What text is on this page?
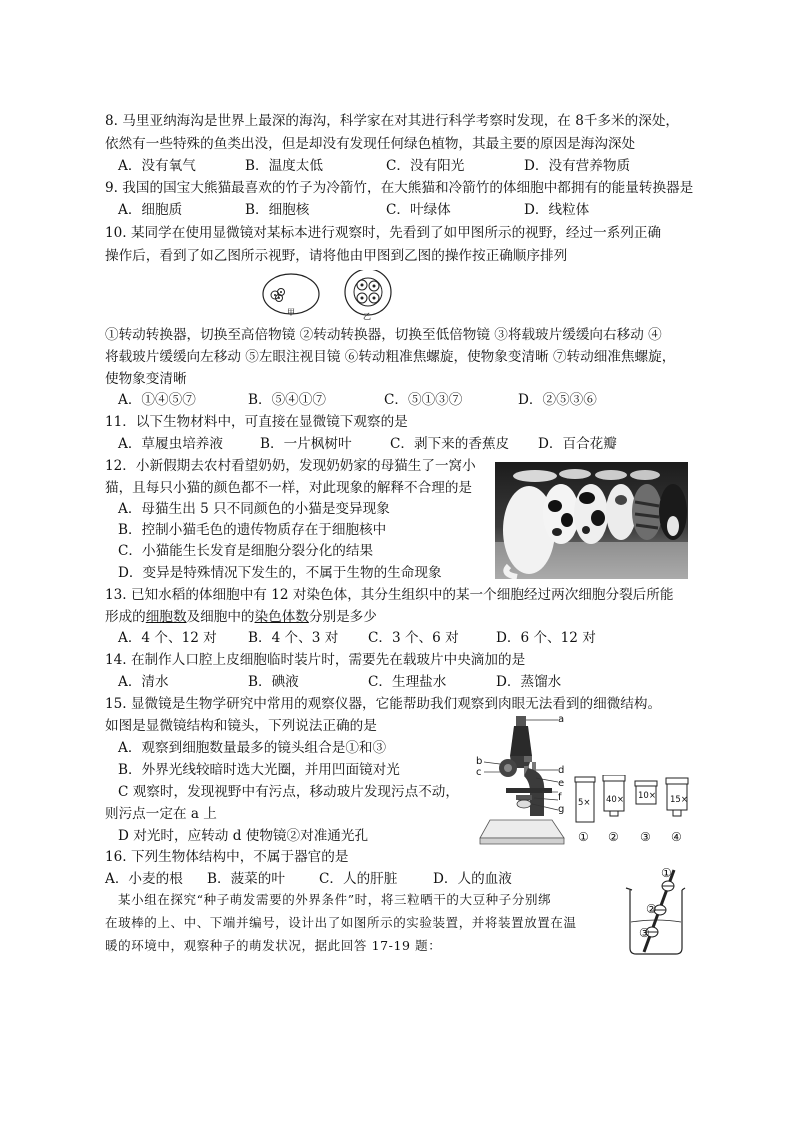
8. 马里亚纳海沟是世界上最深的海沟，科学家在对其进行科学考察时发现，在 8千多米的深处，
依然有一些特殊的鱼类出没，但是却没有发现任何绿色植物，其最主要的原因是海沟深处
A．没有氧气	B．温度太低	C．没有阳光	D．没有营养物质
9. 我国的国宝大熊猫最喜欢的竹子为冷箭竹，在大熊猫和冷箭竹的体细胞中都拥有的能量转换器是
A．细胞质	B．细胞核	C．叶绿体	D．线粒体
10. 某同学在使用显微镜对某标本进行观察时，先看到了如甲图所示的视野，经过一系列正确
操作后，看到了如乙图所示视野，请将他由甲图到乙图的操作按正确顺序排列
甲	乙
①转动转换器，切换至高倍物镜 ②转动转换器，切换至低倍物镜 ③将载玻片缓缓向右移动 ④
将载玻片缓缓向左移动 ⑤左眼注视目镜 ⑥转动粗准焦螺旋，使物象变清晰 ⑦转动细准焦螺旋，
使物象变清晰
A．①④⑤⑦	B．⑤④①⑦	C．⑤①③⑦	D．②⑤③⑥
11．以下生物材料中，可直接在显微镜下观察的是
A．草履虫培养液	B．一片枫树叶	C．剥下来的香蕉皮 D．百合花瓣
12．小新假期去农村看望奶奶，发现奶奶家的母猫生了一窝小
猫，且每只小猫的颜色都不一样，对此现象的解释不合理的是
A．母猫生出 5 只不同颜色的小猫是变异现象
B．控制小猫毛色的遗传物质存在于细胞核中
C．小猫能生长发育是细胞分裂分化的结果
D．变异是特殊情况下发生的，不属于生物的生命现象
13. 已知水稻的体细胞中有 12 对染色体，其分生组织中的某一个细胞经过两次细胞分裂后所能
形成的细胞数及细胞中的染色体数分别是多少
A．4 个、12 对 B．4 个、3 对 C．3 个、6 对	D．6 个、12 对
14. 在制作人口腔上皮细胞临时装片时，需要先在载玻片中央滴加的是
A．清水	B．碘液	C．生理盐水	D．蒸馏水
15. 显微镜是生物学研究中常用的观察仪器，它能帮助我们观察到肉眼无法看到的细微结构。
如图是显微镜结构和镜头，下列说法正确的是
A．观察到细胞数量最多的镜头组合是①和③
B．外界光线较暗时选大光圈，并用凹面镜对光
C 观察时，发现视野中有污点，移动玻片发现污点不动，
则污点一定在 a 上
D 对光时，应转动 d 使物镜②对准通光孔
a
b
c	d
e
f
g
5× 40× 10× 15×
① ② ③ ④
16. 下列生物体结构中，不属于器官的是
A．小麦的根 B．菠菜的叶	C．人的肝脏	D．人的血液
某小组在探究“种子萌发需要的外界条件”时，将三粒晒干的大豆种子分别绑
在玻棒的上、中、下端并编号，设计出了如图所示的实验装置，并将装置放置在温
暖的环境中，观察种子的萌发状况，据此回答 17-19 题：
①
②
③
